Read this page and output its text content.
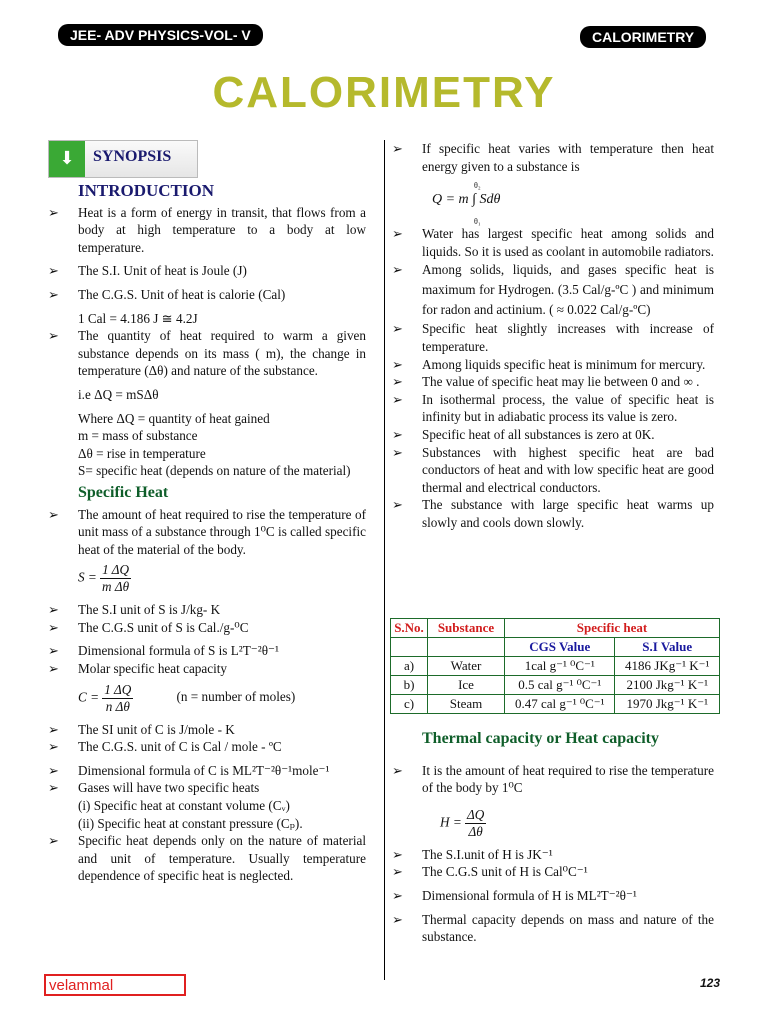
JEE- ADV PHYSICS-VOL- V	CALORIMETRY
CALORIMETRY
⬇	SYNOPSIS

INTRODUCTION

➢ Heat is a form of energy in transit, that flows from a body at high temperature to a body at low temperature.

➢ The S.I. Unit of heat is Joule (J)

➢ The C.G.S. Unit of heat is calorie (Cal)

1 Cal = 4.186 J ≅ 4.2J

➢ The quantity of heat required to warm a given substance depends on its mass ( m), the change in temperature (Δθ) and nature of the substance.

i.e ΔQ = mSΔθ

Where ΔQ = quantity of heat gained

m = mass of substance

Δθ = rise in temperature

S= specific heat (depends on nature of the material)

Specific Heat

➢ The amount of heat required to rise the temperature of unit mass of a substance through 1⁰C is called specific heat of the material of the body.

$S = \frac{1 \Delta Q}{\text{m Δθ}}$

➢ The S.I unit of S is J/kg- K

➢ The C.G.S unit of S is Cal./g-⁰C

➢ Dimensional formula of S is L²T⁻²θ⁻¹

➢ Molar specific heat capacity

$C = \frac{1 \Delta Q}{\text{n Δθ}}$	(n = number of moles)

➢ The SI unit of C is J/mole - K

➢ The C.G.S. unit of C is Cal / mole - ºC

➢ Dimensional formula of C is ML²T⁻²θ⁻¹mole⁻¹

➢ Gases will have two specific heats

(i) Specific heat at constant volume (Cᵥ)

(ii) Specific heat at constant pressure (Cₚ).

➢ Specific heat depends only on the nature of material and unit of temperature. Usually temperature dependence of specific heat is neglected.

➢ If specific heat varies with temperature then heat energy given to a substance is

θ₂
Q = m ∫ Sdθ
θ₁

➢ Water has largest specific heat among solids and liquids. So it is used as coolant in automobile radiators.

➢ Among solids, liquids, and gases specific heat is maximum for Hydrogen. (3.5 Cal/g-ºC ) and minimum for radon and actinium. ( ≈ 0.022 Cal/g-ºC)

➢ Specific heat slightly increases with increase of temperature.

➢ Among liquids specific heat is minimum for mercury.

➢ The value of specific heat may lie between 0 and ∞ .

➢ In isothermal process, the value of specific heat is infinity but in adiabatic process its value is zero.

➢ Specific heat of all substances is zero at 0K.

➢ Substances with highest specific heat are bad conductors of heat and with low specific heat are good thermal and electrical conductors.

➢ The substance with large specific heat warms up slowly and cools down slowly.

S.No.	Substance	Specific heat	
		CGS Value	S.I Value
a)	Water	1cal g⁻¹ ⁰C⁻¹	4186 JKg⁻¹ K⁻¹
b)	Ice	0.5 cal g⁻¹ ⁰C⁻¹	2100 Jkg⁻¹ K⁻¹
c)	Steam	0.47 cal g⁻¹ ⁰C⁻¹	1970 Jkg⁻¹ K⁻¹

Thermal capacity or Heat capacity

➢ It is the amount of heat required to rise the temperature of the body by 1⁰C

$H = \frac{\Delta Q}{\Delta\theta}$

➢ The S.I.unit of H is JK⁻¹

➢ The C.G.S unit of H is Cal⁰C⁻¹

➢ Dimensional formula of H is ML²T⁻²θ⁻¹

➢ Thermal capacity depends on mass and nature of the substance.

velammal	123
